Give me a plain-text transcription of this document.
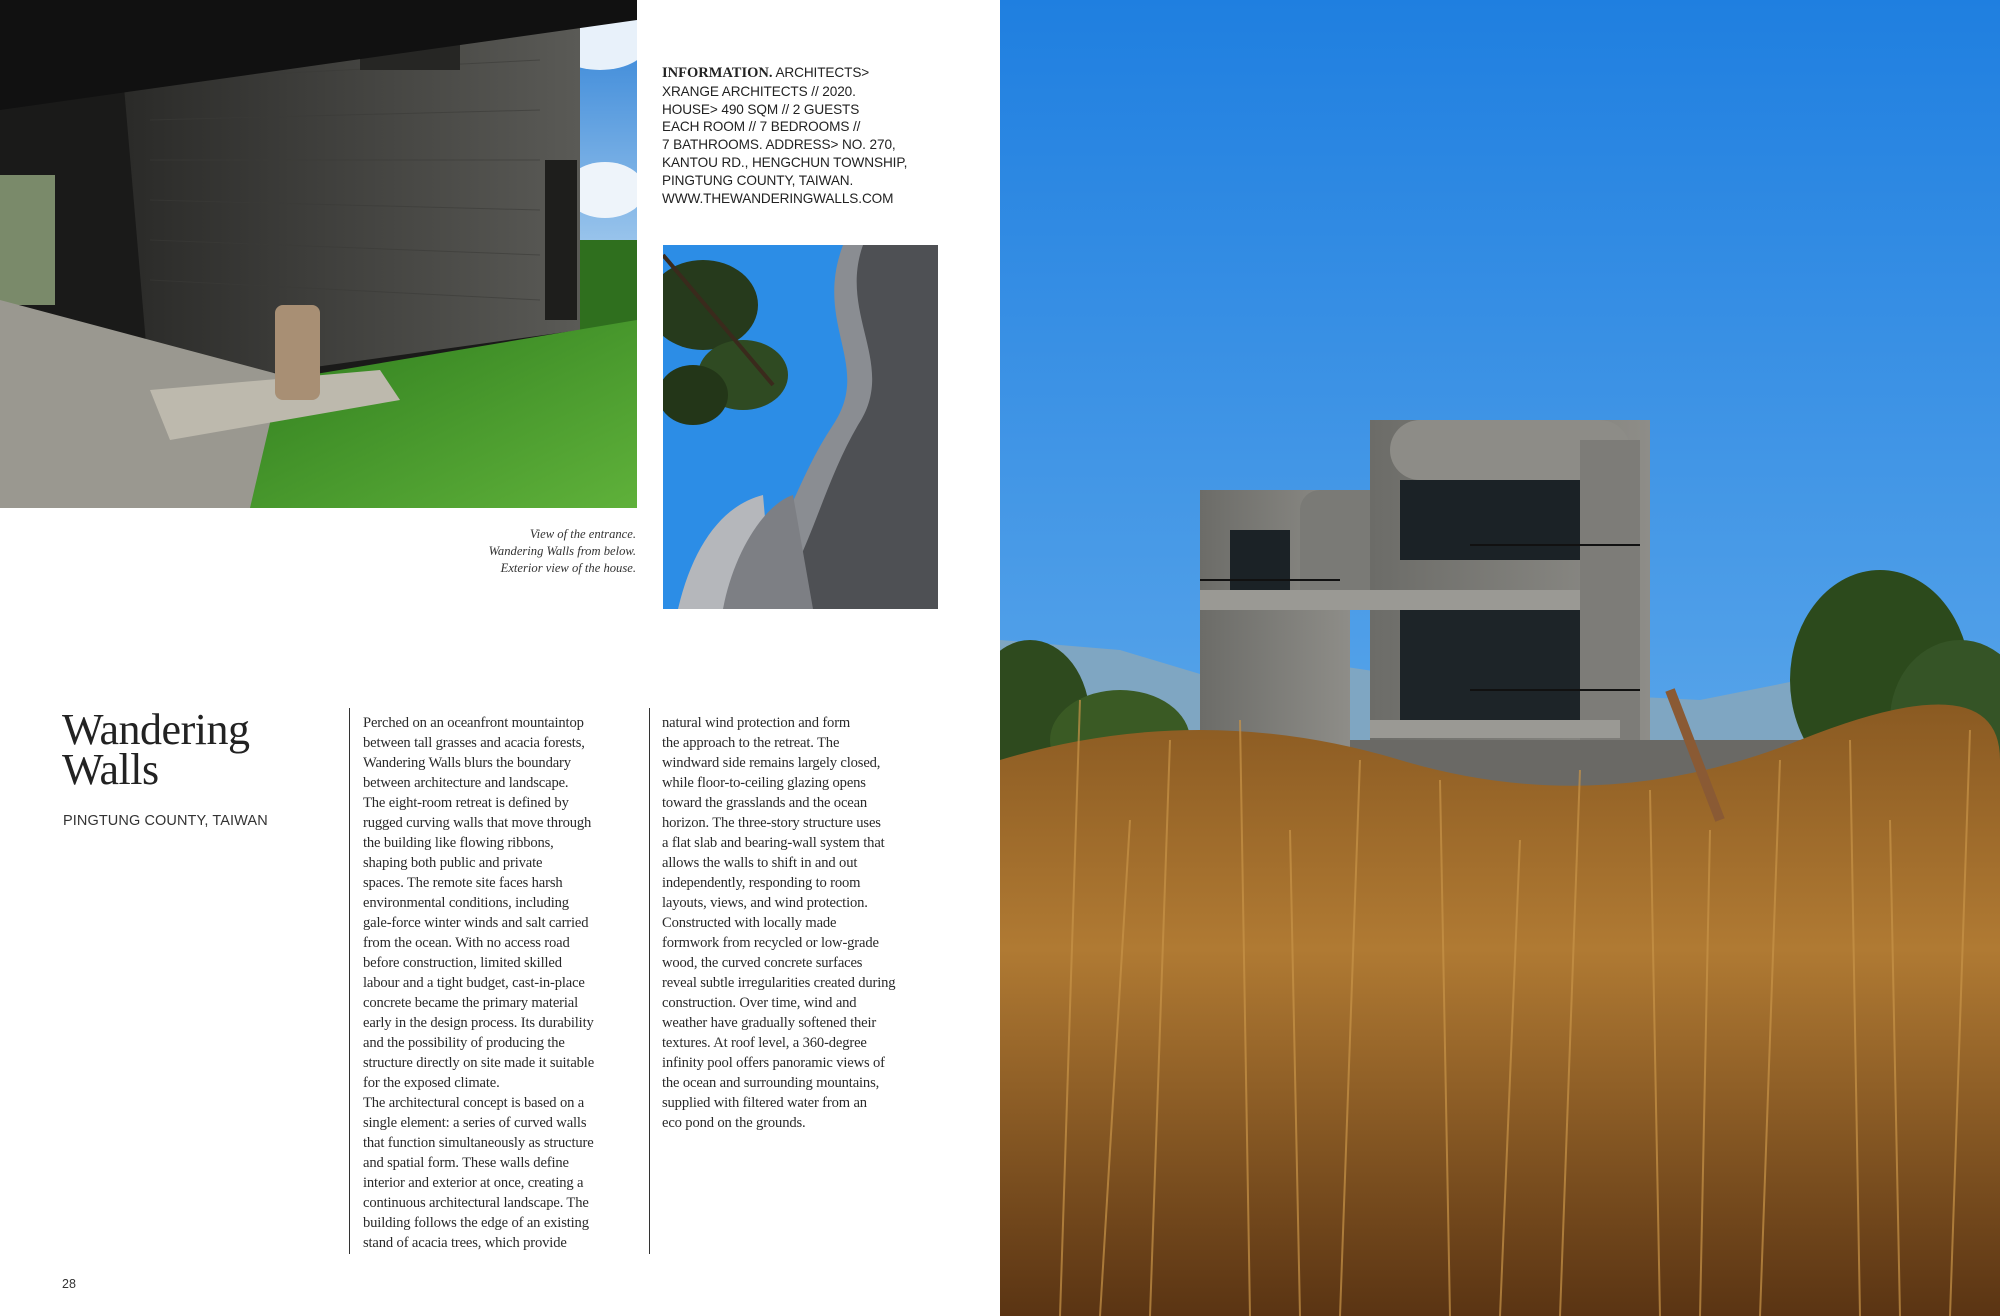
INFORMATION. ARCHITECTS>
XRANGE ARCHITECTS // 2020.
HOUSE> 490 SQM // 2 GUESTS
EACH ROOM // 7 BEDROOMS //
7 BATHROOMS. ADDRESS> NO. 270,
KANTOU RD., HENGCHUN TOWNSHIP,
PINGTUNG COUNTY, TAIWAN.
WWW.THEWANDERINGWALLS.COM
View of the entrance.
Wandering Walls from below.
Exterior view of the house.
Wandering
Walls
PINGTUNG COUNTY, TAIWAN
Perched on an oceanfront mountaintop
between tall grasses and acacia forests,
Wandering Walls blurs the boundary
between architecture and landscape.
The eight-room retreat is defined by
rugged curving walls that move through
the building like flowing ribbons,
shaping both public and private
spaces. The remote site faces harsh
environmental conditions, including
gale-force winter winds and salt carried
from the ocean. With no access road
before construction, limited skilled
labour and a tight budget, cast-in-place
concrete became the primary material
early in the design process. Its durability
and the possibility of producing the
structure directly on site made it suitable
for the exposed climate.
The architectural concept is based on a
single element: a series of curved walls
that function simultaneously as structure
and spatial form. These walls define
interior and exterior at once, creating a
continuous architectural landscape. The
building follows the edge of an existing
stand of acacia trees, which provide
natural wind protection and form
the approach to the retreat. The
windward side remains largely closed,
while floor-to-ceiling glazing opens
toward the grasslands and the ocean
horizon. The three-story structure uses
a flat slab and bearing-wall system that
allows the walls to shift in and out
independently, responding to room
layouts, views, and wind protection.
Constructed with locally made
formwork from recycled or low-grade
wood, the curved concrete surfaces
reveal subtle irregularities created during
construction. Over time, wind and
weather have gradually softened their
textures. At roof level, a 360-degree
infinity pool offers panoramic views of
the ocean and surrounding mountains,
supplied with filtered water from an
eco pond on the grounds.
28
